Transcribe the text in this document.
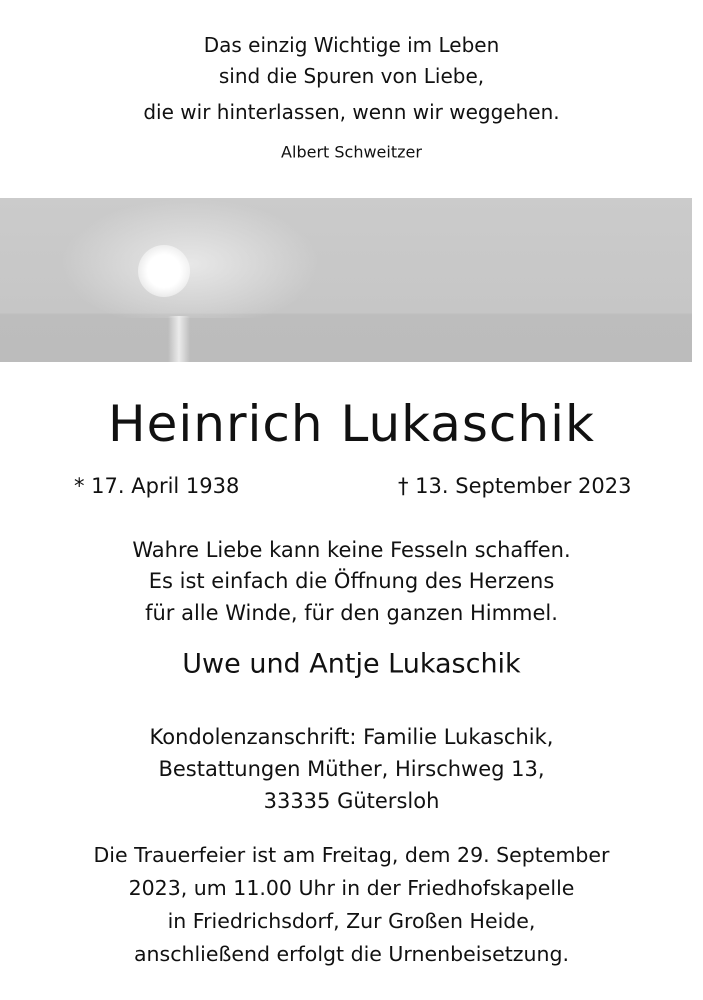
Das einzig Wichtige im Leben
sind die Spuren von Liebe,
die wir hinterlassen, wenn wir weggehen.
Albert Schweitzer
Heinrich Lukaschik
* 17. April 1938	† 13. September 2023
Wahre Liebe kann keine Fesseln schaffen.
Es ist einfach die Öffnung des Herzens
für alle Winde, für den ganzen Himmel.
Uwe und Antje Lukaschik
Kondolenzanschrift: Familie Lukaschik,
Bestattungen Müther, Hirschweg 13,
33335 Gütersloh
Die Trauerfeier ist am Freitag, dem 29. September
2023, um 11.00 Uhr in der Friedhofskapelle
in Friedrichsdorf, Zur Großen Heide,
anschließend erfolgt die Urnenbeisetzung.
